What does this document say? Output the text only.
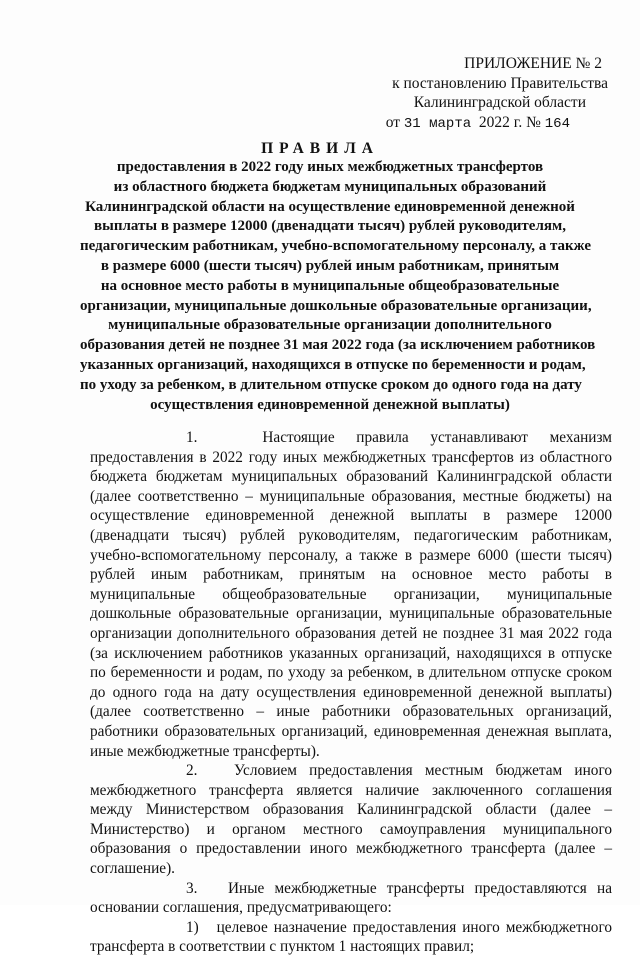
ПРИЛОЖЕНИЕ № 2
к постановлению Правительства
Калининградской области
от 31 марта 2022 г. № 164
ПРАВИЛА
предоставления в 2022 году иных межбюджетных трансфертов
из областного бюджета бюджетам муниципальных образований
Калининградской области на осуществление единовременной денежной
выплаты в размере 12000 (двенадцати тысяч) рублей руководителям,
педагогическим работникам, учебно-вспомогательному персоналу, а также
в размере 6000 (шести тысяч) рублей иным работникам, принятым
на основное место работы в муниципальные общеобразовательные
организации, муниципальные дошкольные образовательные организации,
муниципальные образовательные организации дополнительного
образования детей не позднее 31 мая 2022 года (за исключением работников
указанных организаций, находящихся в отпуске по беременности и родам,
по уходу за ребенком, в длительном отпуске сроком до одного года на дату
осуществления единовременной денежной выплаты)

1.	Настоящие правила устанавливают механизм предоставления в 2022 году иных межбюджетных трансфертов из областного бюджета бюджетам муниципальных образований Калининградской области (далее соответственно – муниципальные образования, местные бюджеты) на осуществление единовременной денежной выплаты в размере 12000 (двенадцати тысяч) рублей руководителям, педагогическим работникам, учебно-вспомогательному персоналу, а также в размере 6000 (шести тысяч) рублей иным работникам, принятым на основное место работы в муниципальные общеобразовательные организации, муниципальные дошкольные образовательные организации, муниципальные образовательные организации дополнительного образования детей не позднее 31 мая 2022 года (за исключением работников указанных организаций, находящихся в отпуске по беременности и родам, по уходу за ребенком, в длительном отпуске сроком до одного года на дату осуществления единовременной денежной выплаты) (далее соответственно – иные работники образовательных организаций, работники образовательных организаций, единовременная денежная выплата, иные межбюджетные трансферты).

2. Условием предоставления местным бюджетам иного межбюджетного трансферта является наличие заключенного соглашения между Министерством образования Калининградской области (далее – Министерство) и органом местного самоуправления муниципального образования о предоставлении иного межбюджетного трансферта (далее – соглашение).

3. Иные межбюджетные трансферты предоставляются на основании соглашения, предусматривающего:

1) целевое назначение предоставления иного межбюджетного трансферта в соответствии с пунктом 1 настоящих правил;
